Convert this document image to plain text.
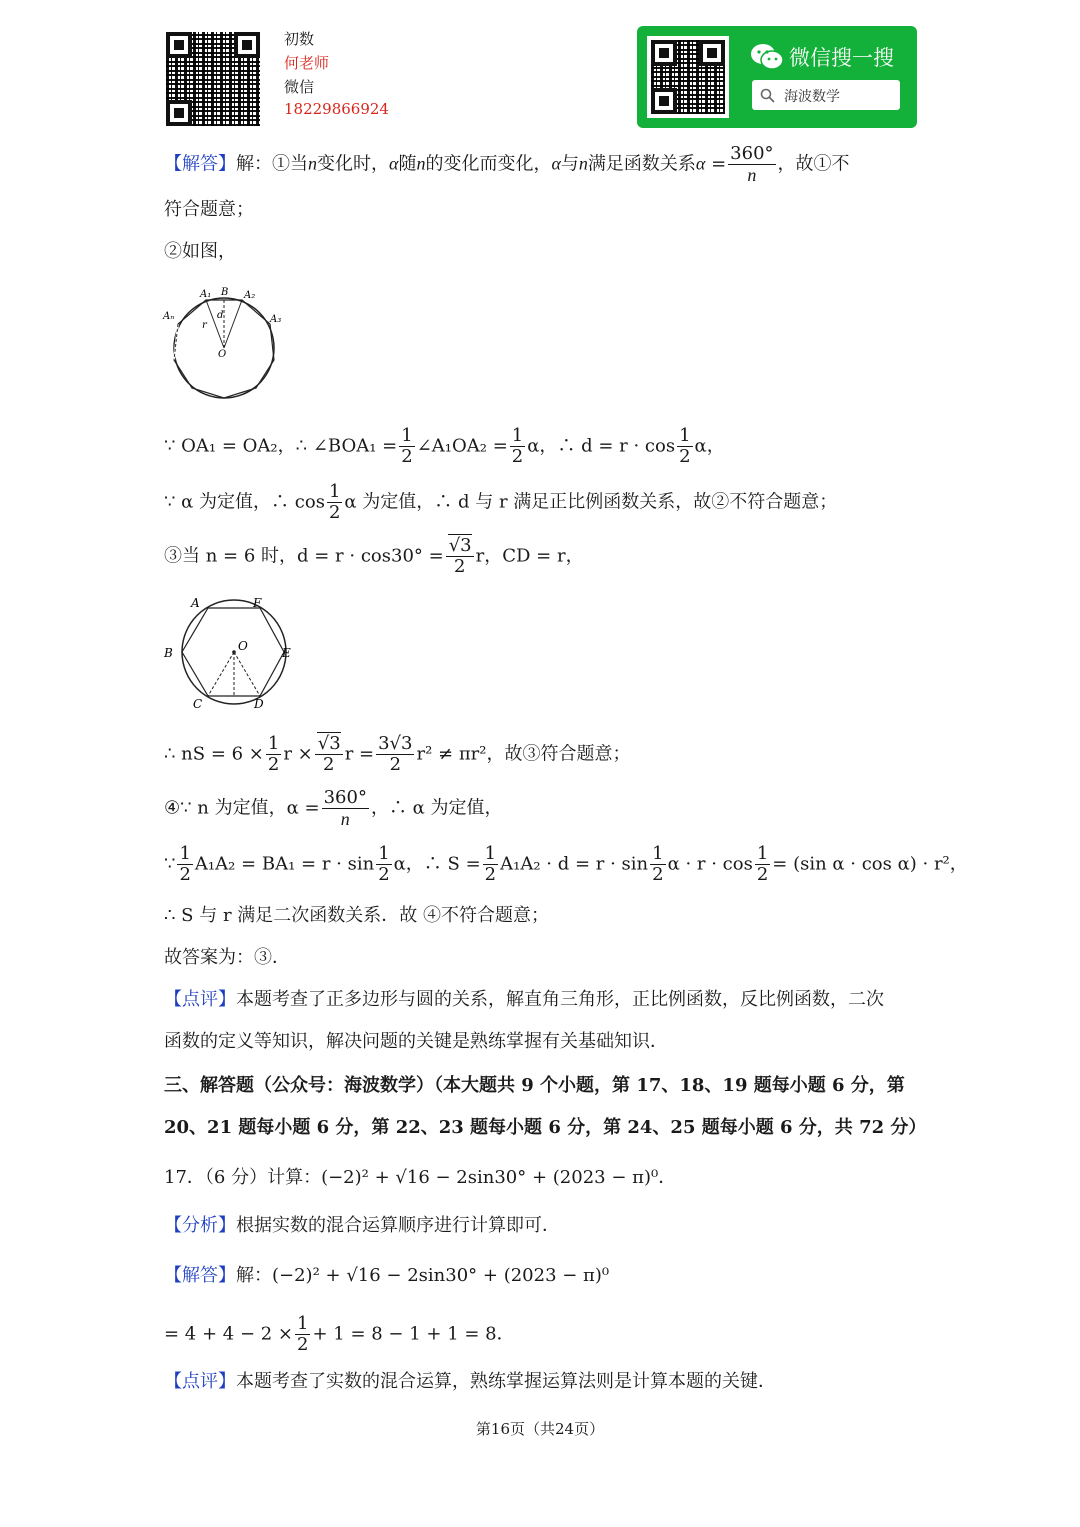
初数
何老师
微信
18229866924
微信搜一搜
海波数学
【解答】解：①当n变化时，α随n的变化而变化，α与n满足函数关系$\alpha = \frac{360^\circ}{n}$ ，故①不
符合题意；
②如图，
A₁ B A₂
Aₙ	A₃
d
r
O
∵ OA₁ = OA₂，∴ ∠BOA₁ = $\frac{1}{2}$ ∠A₁OA₂ = $\frac{1}{2}$ α，∴ $d = r \cdot \cos \frac{1}{2}$ α，
∵ α 为定值，∴ $\cos \frac{1}{2}$ α 为定值，∴ d 与 r 满足正比例函数关系，故②不符合题意；
③当 n = 6 时，$d = r \cdot \cos 30^\circ = \frac{√3}{2}$ r，CD = r，
A	F
B	E
C	D
O
∴ nS = $6 \times \frac{1}{2}$ $r \times \frac{√3}{2}$ $r = \frac{3√3}{2} r^2 \ne \pi r^2$，故③符合题意；
④∵ n 为定值，$\alpha = \frac{360^\circ}{n}$ ，∴ α 为定值，
∵ $\frac{1}{2} A_1A_2 = BA_1 = r \cdot \sin \frac{1}{2}$ α，∴ $S = \frac{1}{2} A_1A_2 \cdot d = r \cdot \sin \frac{1}{2}$ $\alpha \cdot r \cdot \cos \frac{1}{2} = (\sin$ α · cos α) · r²，
∴ S 与 r 满足二次函数关系．故 ④不符合题意；
故答案为：③．
【点评】本题考查了正多边形与圆的关系，解直角三角形，正比例函数，反比例函数，二次
函数的定义等知识，解决问题的关键是熟练掌握有关基础知识．
三、解答题（公众号：海波数学）（本大题共 9 个小题，第 17、18、19 题每小题 6 分，第
20、21 题每小题 6 分，第 22、23 题每小题 6 分，第 24、25 题每小题 6 分，共 72 分）
17．（6 分）计算：(−2)² + √16 − 2sin30° + (2023 − π)⁰．
【分析】根据实数的混合运算顺序进行计算即可．
【解答】解：(−2)² + √16 − 2sin30° + (2023 − π)⁰
= $4 + 4 - 2 \times \frac{1}{2} + 1 = 8 - 1 + 1 = 8$．
【点评】本题考查了实数的混合运算，熟练掌握运算法则是计算本题的关键．
第16页（共24页）
